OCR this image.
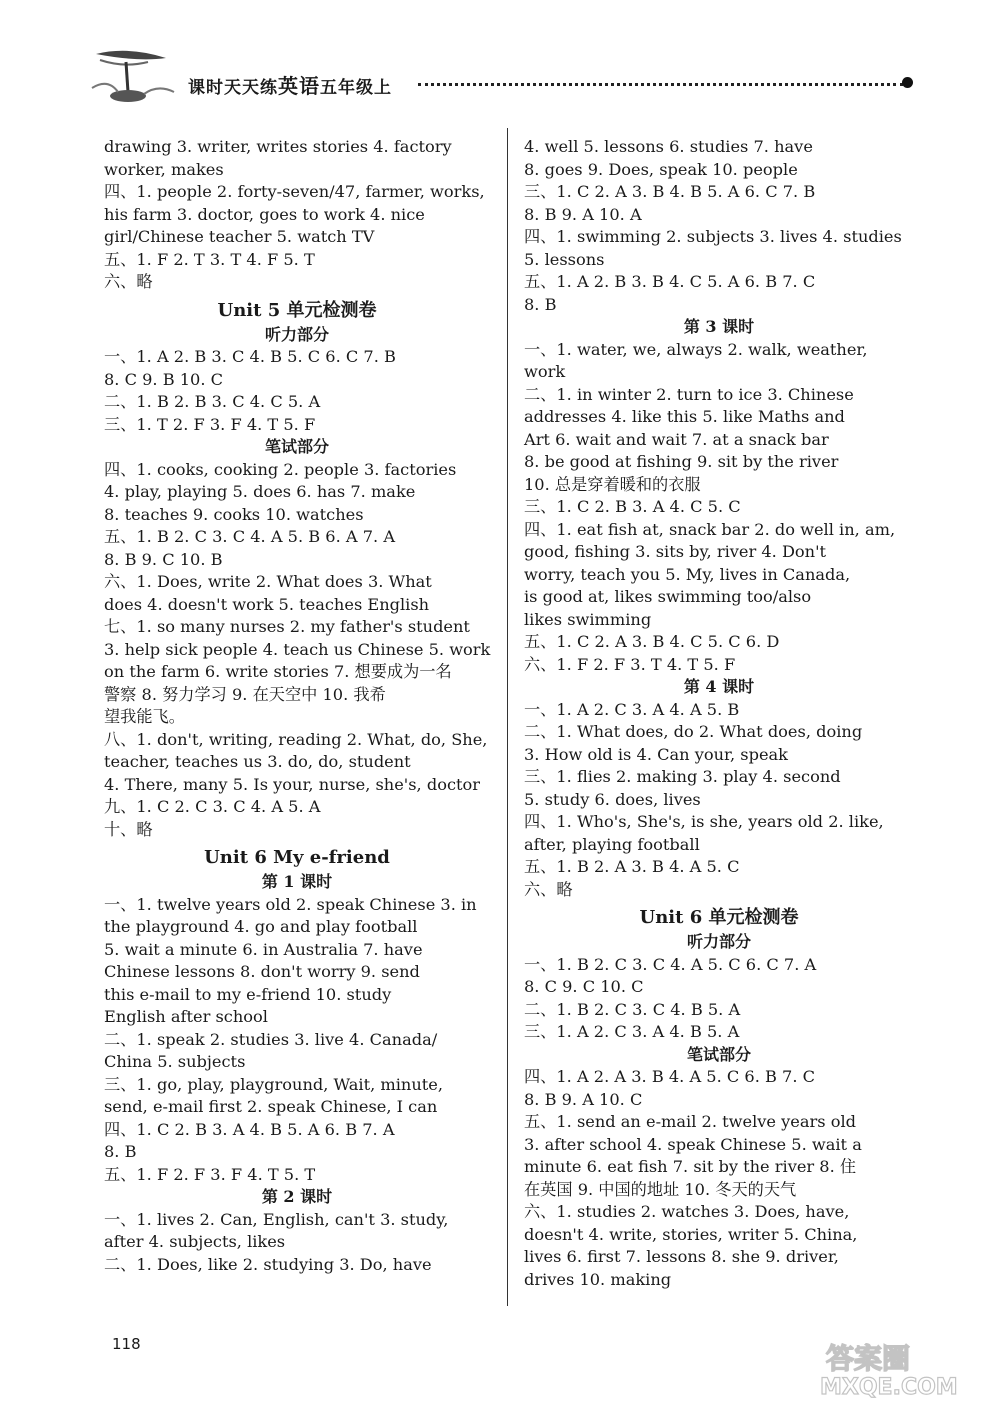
课时天天练英语五年级上
drawing 3. writer, writes stories 4. factory
worker, makes
四、1. people 2. forty-seven/47, farmer, works,
his farm 3. doctor, goes to work 4. nice
girl/Chinese teacher 5. watch TV
五、1. F 2. T 3. T 4. F 5. T
六、略
Unit 5 单元检测卷
听力部分
一、1. A 2. B 3. C 4. B 5. C 6. C 7. B
8. C 9. B 10. C
二、1. B 2. B 3. C 4. C 5. A
三、1. T 2. F 3. F 4. T 5. F
笔试部分
四、1. cooks, cooking 2. people 3. factories
4. play, playing 5. does 6. has 7. make
8. teaches 9. cooks 10. watches
五、1. B 2. C 3. C 4. A 5. B 6. A 7. A
8. B 9. C 10. B
六、1. Does, write 2. What does 3. What
does 4. doesn't work 5. teaches English
七、1. so many nurses 2. my father's student
3. help sick people 4. teach us Chinese 5. work
on the farm 6. write stories 7. 想要成为一名
警察 8. 努力学习 9. 在天空中 10. 我希
望我能飞。
八、1. don't, writing, reading 2. What, do, She,
teacher, teaches us 3. do, do, student
4. There, many 5. Is your, nurse, she's, doctor
九、1. C 2. C 3. C 4. A 5. A
十、略
Unit 6 My e-friend
第 1 课时
一、1. twelve years old 2. speak Chinese 3. in
the playground 4. go and play football
5. wait a minute 6. in Australia 7. have
Chinese lessons 8. don't worry 9. send
this e-mail to my e-friend 10. study
English after school
二、1. speak 2. studies 3. live 4. Canada/
China 5. subjects
三、1. go, play, playground, Wait, minute,
send, e-mail first 2. speak Chinese, I can
四、1. C 2. B 3. A 4. B 5. A 6. B 7. A
8. B
五、1. F 2. F 3. F 4. T 5. T
第 2 课时
一、1. lives 2. Can, English, can't 3. study,
after 4. subjects, likes
二、1. Does, like 2. studying 3. Do, have
4. well 5. lessons 6. studies 7. have
8. goes 9. Does, speak 10. people
三、1. C 2. A 3. B 4. B 5. A 6. C 7. B
8. B 9. A 10. A
四、1. swimming 2. subjects 3. lives 4. studies
5. lessons
五、1. A 2. B 3. B 4. C 5. A 6. B 7. C
8. B
第 3 课时
一、1. water, we, always 2. walk, weather,
work
二、1. in winter 2. turn to ice 3. Chinese
addresses 4. like this 5. like Maths and
Art 6. wait and wait 7. at a snack bar
8. be good at fishing 9. sit by the river
10. 总是穿着暖和的衣服
三、1. C 2. B 3. A 4. C 5. C
四、1. eat fish at, snack bar 2. do well in, am,
good, fishing 3. sits by, river 4. Don't
worry, teach you 5. My, lives in Canada,
is good at, likes swimming too/also
likes swimming
五、1. C 2. A 3. B 4. C 5. C 6. D
六、1. F 2. F 3. T 4. T 5. F
第 4 课时
一、1. A 2. C 3. A 4. A 5. B
二、1. What does, do 2. What does, doing
3. How old is 4. Can your, speak
三、1. flies 2. making 3. play 4. second
5. study 6. does, lives
四、1. Who's, She's, is she, years old 2. like,
after, playing football
五、1. B 2. A 3. B 4. A 5. C
六、略
Unit 6 单元检测卷
听力部分
一、1. B 2. C 3. C 4. A 5. C 6. C 7. A
8. C 9. C 10. C
二、1. B 2. C 3. C 4. B 5. A
三、1. A 2. C 3. A 4. B 5. A
笔试部分
四、1. A 2. A 3. B 4. A 5. C 6. B 7. C
8. B 9. A 10. C
五、1. send an e-mail 2. twelve years old
3. after school 4. speak Chinese 5. wait a
minute 6. eat fish 7. sit by the river 8. 住
在英国 9. 中国的地址 10. 冬天的天气
六、1. studies 2. watches 3. Does, have,
doesn't 4. write, stories, writer 5. China,
lives 6. first 7. lessons 8. she 9. driver,
drives 10. making
118	答案圈
MXQE.COM
